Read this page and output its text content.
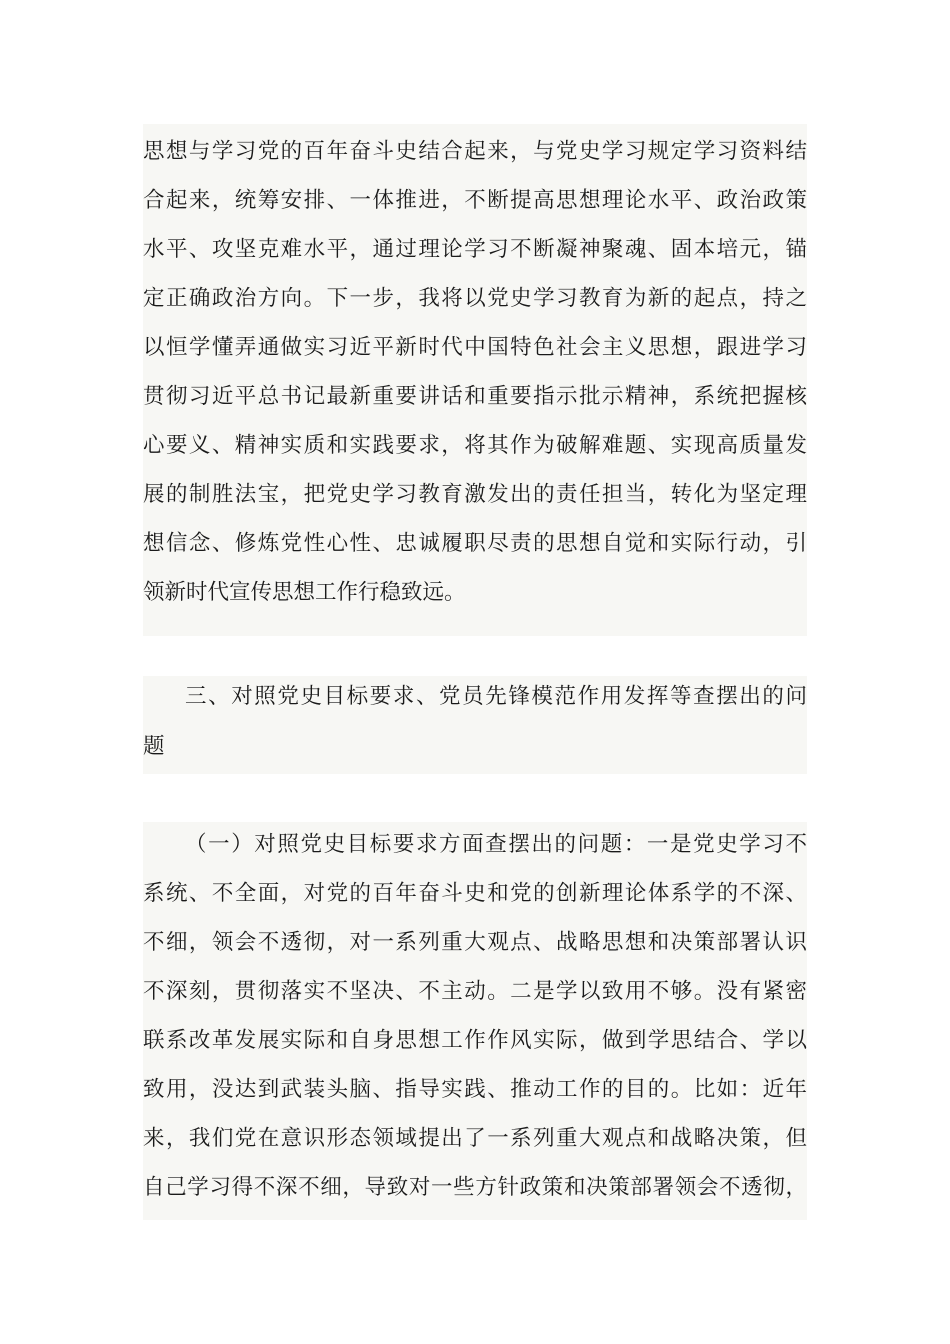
思想与学习党的百年奋斗史结合起来，与党史学习规定学习资料结
合起来，统筹安排、一体推进，不断提高思想理论水平、政治政策
水平、攻坚克难水平，通过理论学习不断凝神聚魂、固本培元，锚
定正确政治方向。下一步，我将以党史学习教育为新的起点，持之
以恒学懂弄通做实习近平新时代中国特色社会主义思想，跟进学习
贯彻习近平总书记最新重要讲话和重要指示批示精神，系统把握核
心要义、精神实质和实践要求，将其作为破解难题、实现高质量发
展的制胜法宝，把党史学习教育激发出的责任担当，转化为坚定理
想信念、修炼党性心性、忠诚履职尽责的思想自觉和实际行动，引
领新时代宣传思想工作行稳致远。
三、对照党史目标要求、党员先锋模范作用发挥等查摆出的问
题
（一）对照党史目标要求方面查摆出的问题：一是党史学习不
系统、不全面，对党的百年奋斗史和党的创新理论体系学的不深、
不细，领会不透彻，对一系列重大观点、战略思想和决策部署认识
不深刻，贯彻落实不坚决、不主动。二是学以致用不够。没有紧密
联系改革发展实际和自身思想工作作风实际，做到学思结合、学以
致用，没达到武装头脑、指导实践、推动工作的目的。比如：近年
来，我们党在意识形态领域提出了一系列重大观点和战略决策，但
自己学习得不深不细，导致对一些方针政策和决策部署领会不透彻，
